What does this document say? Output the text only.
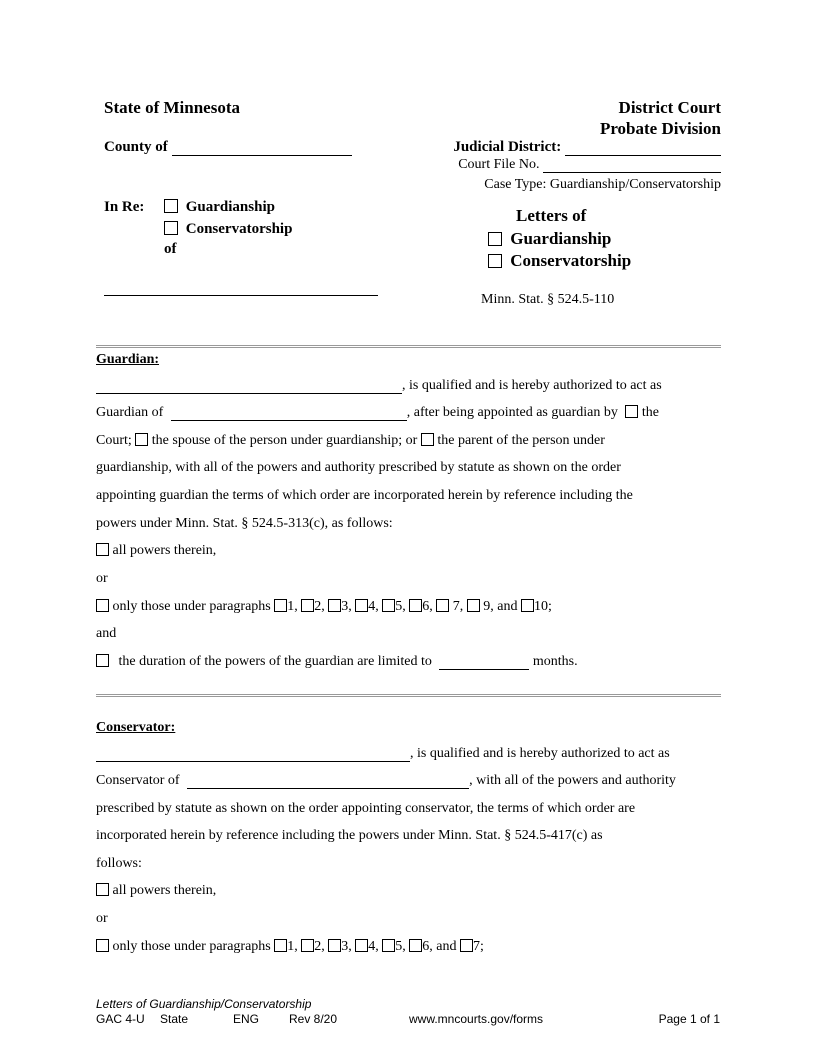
State of Minnesota
County of
In Re:	Guardianship
Conservatorship
of
District Court
Probate Division
Judicial District:
Court File No.
Case Type: Guardianship/Conservatorship
Letters of
Guardianship
Conservatorship
Minn. Stat. § 524.5-110
Guardian:
, is qualified and is hereby authorized to act as
Guardian of	, after being appointed as guardian by the
Court; the spouse of the person under guardianship; or the parent of the person under
guardianship, with all of the powers and authority prescribed by statute as shown on the order
appointing guardian the terms of which order are incorporated herein by reference including the
powers under Minn. Stat. § 524.5-313(c), as follows:
all powers therein,
or
only those under paragraphs 1, 2, 3, 4, 5, 6, 7, 9, and 10;
and
the duration of the powers of the guardian are limited to	months.
Conservator:
, is qualified and is hereby authorized to act as
Conservator of	, with all of the powers and authority
prescribed by statute as shown on the order appointing conservator, the terms of which order are
incorporated herein by reference including the powers under Minn. Stat. § 524.5-417(c) as
follows:
all powers therein,
or
only those under paragraphs 1, 2, 3, 4, 5, 6, and 7;
Letters of Guardianship/Conservatorship
GAC 4-U State	ENG Rev 8/20	www.mncourts.gov/forms	Page 1 of 1
